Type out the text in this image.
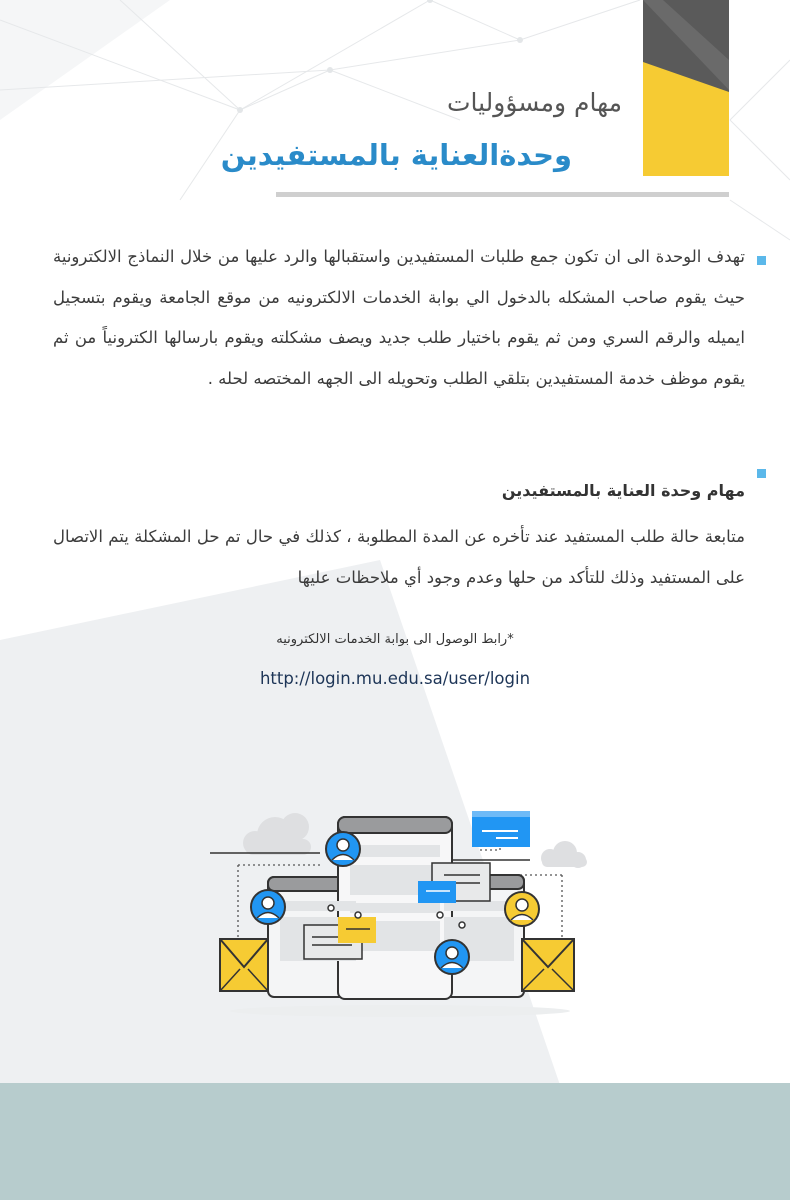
مهام ومسؤوليات
وحدةالعناية بالمستفيدين
تهدف الوحدة الى ان تكون جمع طلبات المستفيدين واستقبالها والرد عليها من خلال النماذج الالكترونية حيث يقوم صاحب المشكله بالدخول الي بوابة الخدمات الالكترونيه من موقع الجامعة ويقوم بتسجيل ايميله والرقم السري ومن ثم يقوم باختيار طلب جديد ويصف مشكلته ويقوم بارسالها الكترونياً من ثم يقوم موظف خدمة المستفيدين بتلقي الطلب وتحويله الى الجهه المختصه لحله .
مهام وحدة العناية بالمستفيدين
متابعة حالة طلب المستفيد عند تأخره عن المدة المطلوبة ، كذلك في حال تم حل المشكلة يتم الاتصال على المستفيد وذلك للتأكد من حلها وعدم وجود أي ملاحظات عليها
*رابط الوصول الى بوابة الخدمات الالكترونيه
http://login.mu.edu.sa/user/login
